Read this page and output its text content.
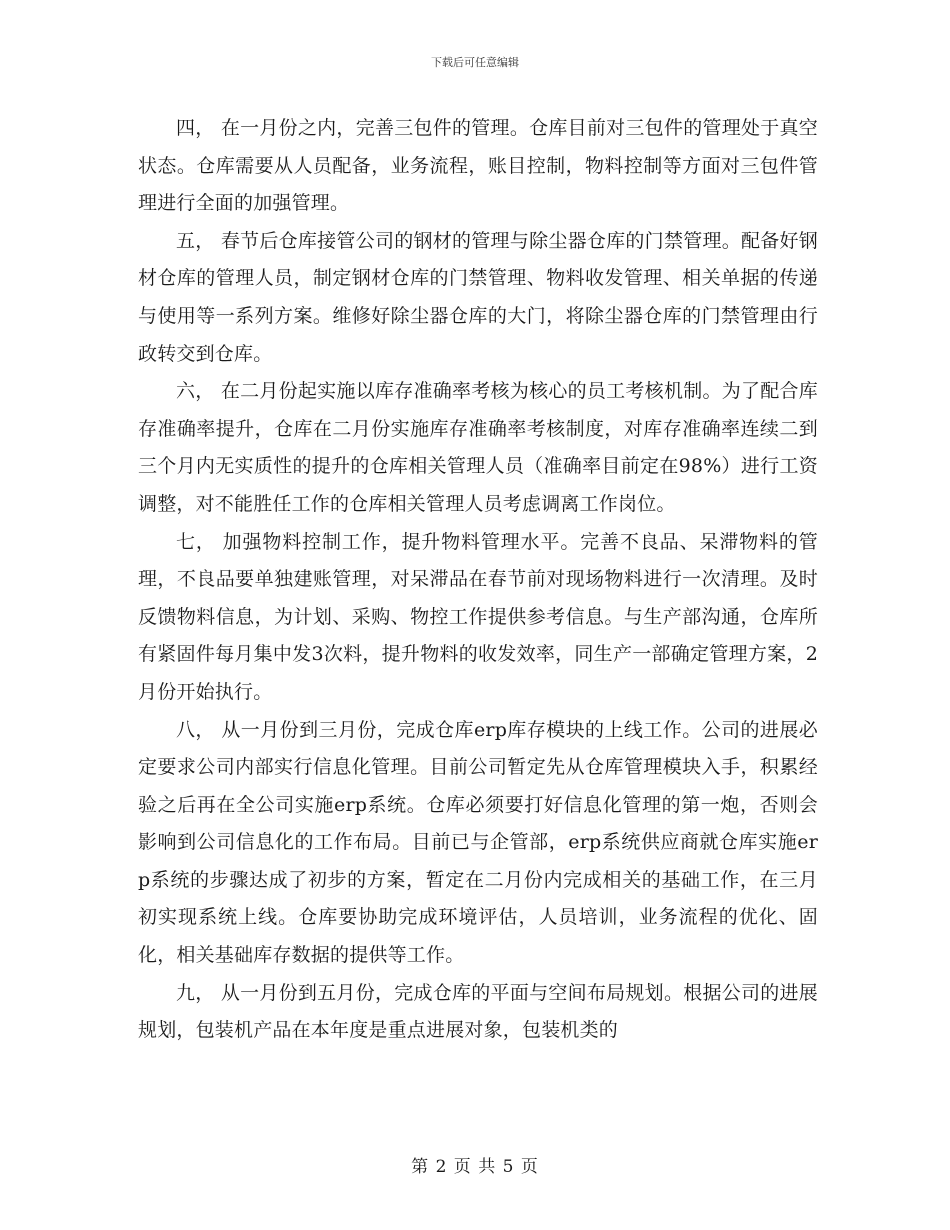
下载后可任意编辑

四， 在一月份之内，完善三包件的管理。仓库目前对三包件的管理处于真空状态。仓库需要从人员配备，业务流程，账目控制，物料控制等方面对三包件管理进行全面的加强管理。

五， 春节后仓库接管公司的钢材的管理与除尘器仓库的门禁管理。配备好钢材仓库的管理人员，制定钢材仓库的门禁管理、物料收发管理、相关单据的传递与使用等一系列方案。维修好除尘器仓库的大门，将除尘器仓库的门禁管理由行政转交到仓库。

六， 在二月份起实施以库存准确率考核为核心的员工考核机制。为了配合库存准确率提升，仓库在二月份实施库存准确率考核制度，对库存准确率连续二到三个月内无实质性的提升的仓库相关管理人员（准确率目前定在98%）进行工资调整，对不能胜任工作的仓库相关管理人员考虑调离工作岗位。

七， 加强物料控制工作，提升物料管理水平。完善不良品、呆滞物料的管理，不良品要单独建账管理，对呆滞品在春节前对现场物料进行一次清理。及时反馈物料信息，为计划、采购、物控工作提供参考信息。与生产部沟通，仓库所有紧固件每月集中发3次料，提升物料的收发效率，同生产一部确定管理方案，2月份开始执行。

八， 从一月份到三月份，完成仓库erp库存模块的上线工作。公司的进展必定要求公司内部实行信息化管理。目前公司暂定先从仓库管理模块入手，积累经验之后再在全公司实施erp系统。仓库必须要打好信息化管理的第一炮，否则会影响到公司信息化的工作布局。目前已与企管部，erp系统供应商就仓库实施erp系统的步骤达成了初步的方案，暂定在二月份内完成相关的基础工作，在三月初实现系统上线。仓库要协助完成环境评估，人员培训，业务流程的优化、固化，相关基础库存数据的提供等工作。

九， 从一月份到五月份，完成仓库的平面与空间布局规划。根据公司的进展规划，包装机产品在本年度是重点进展对象，包装机类的

第 2 页 共 5 页
